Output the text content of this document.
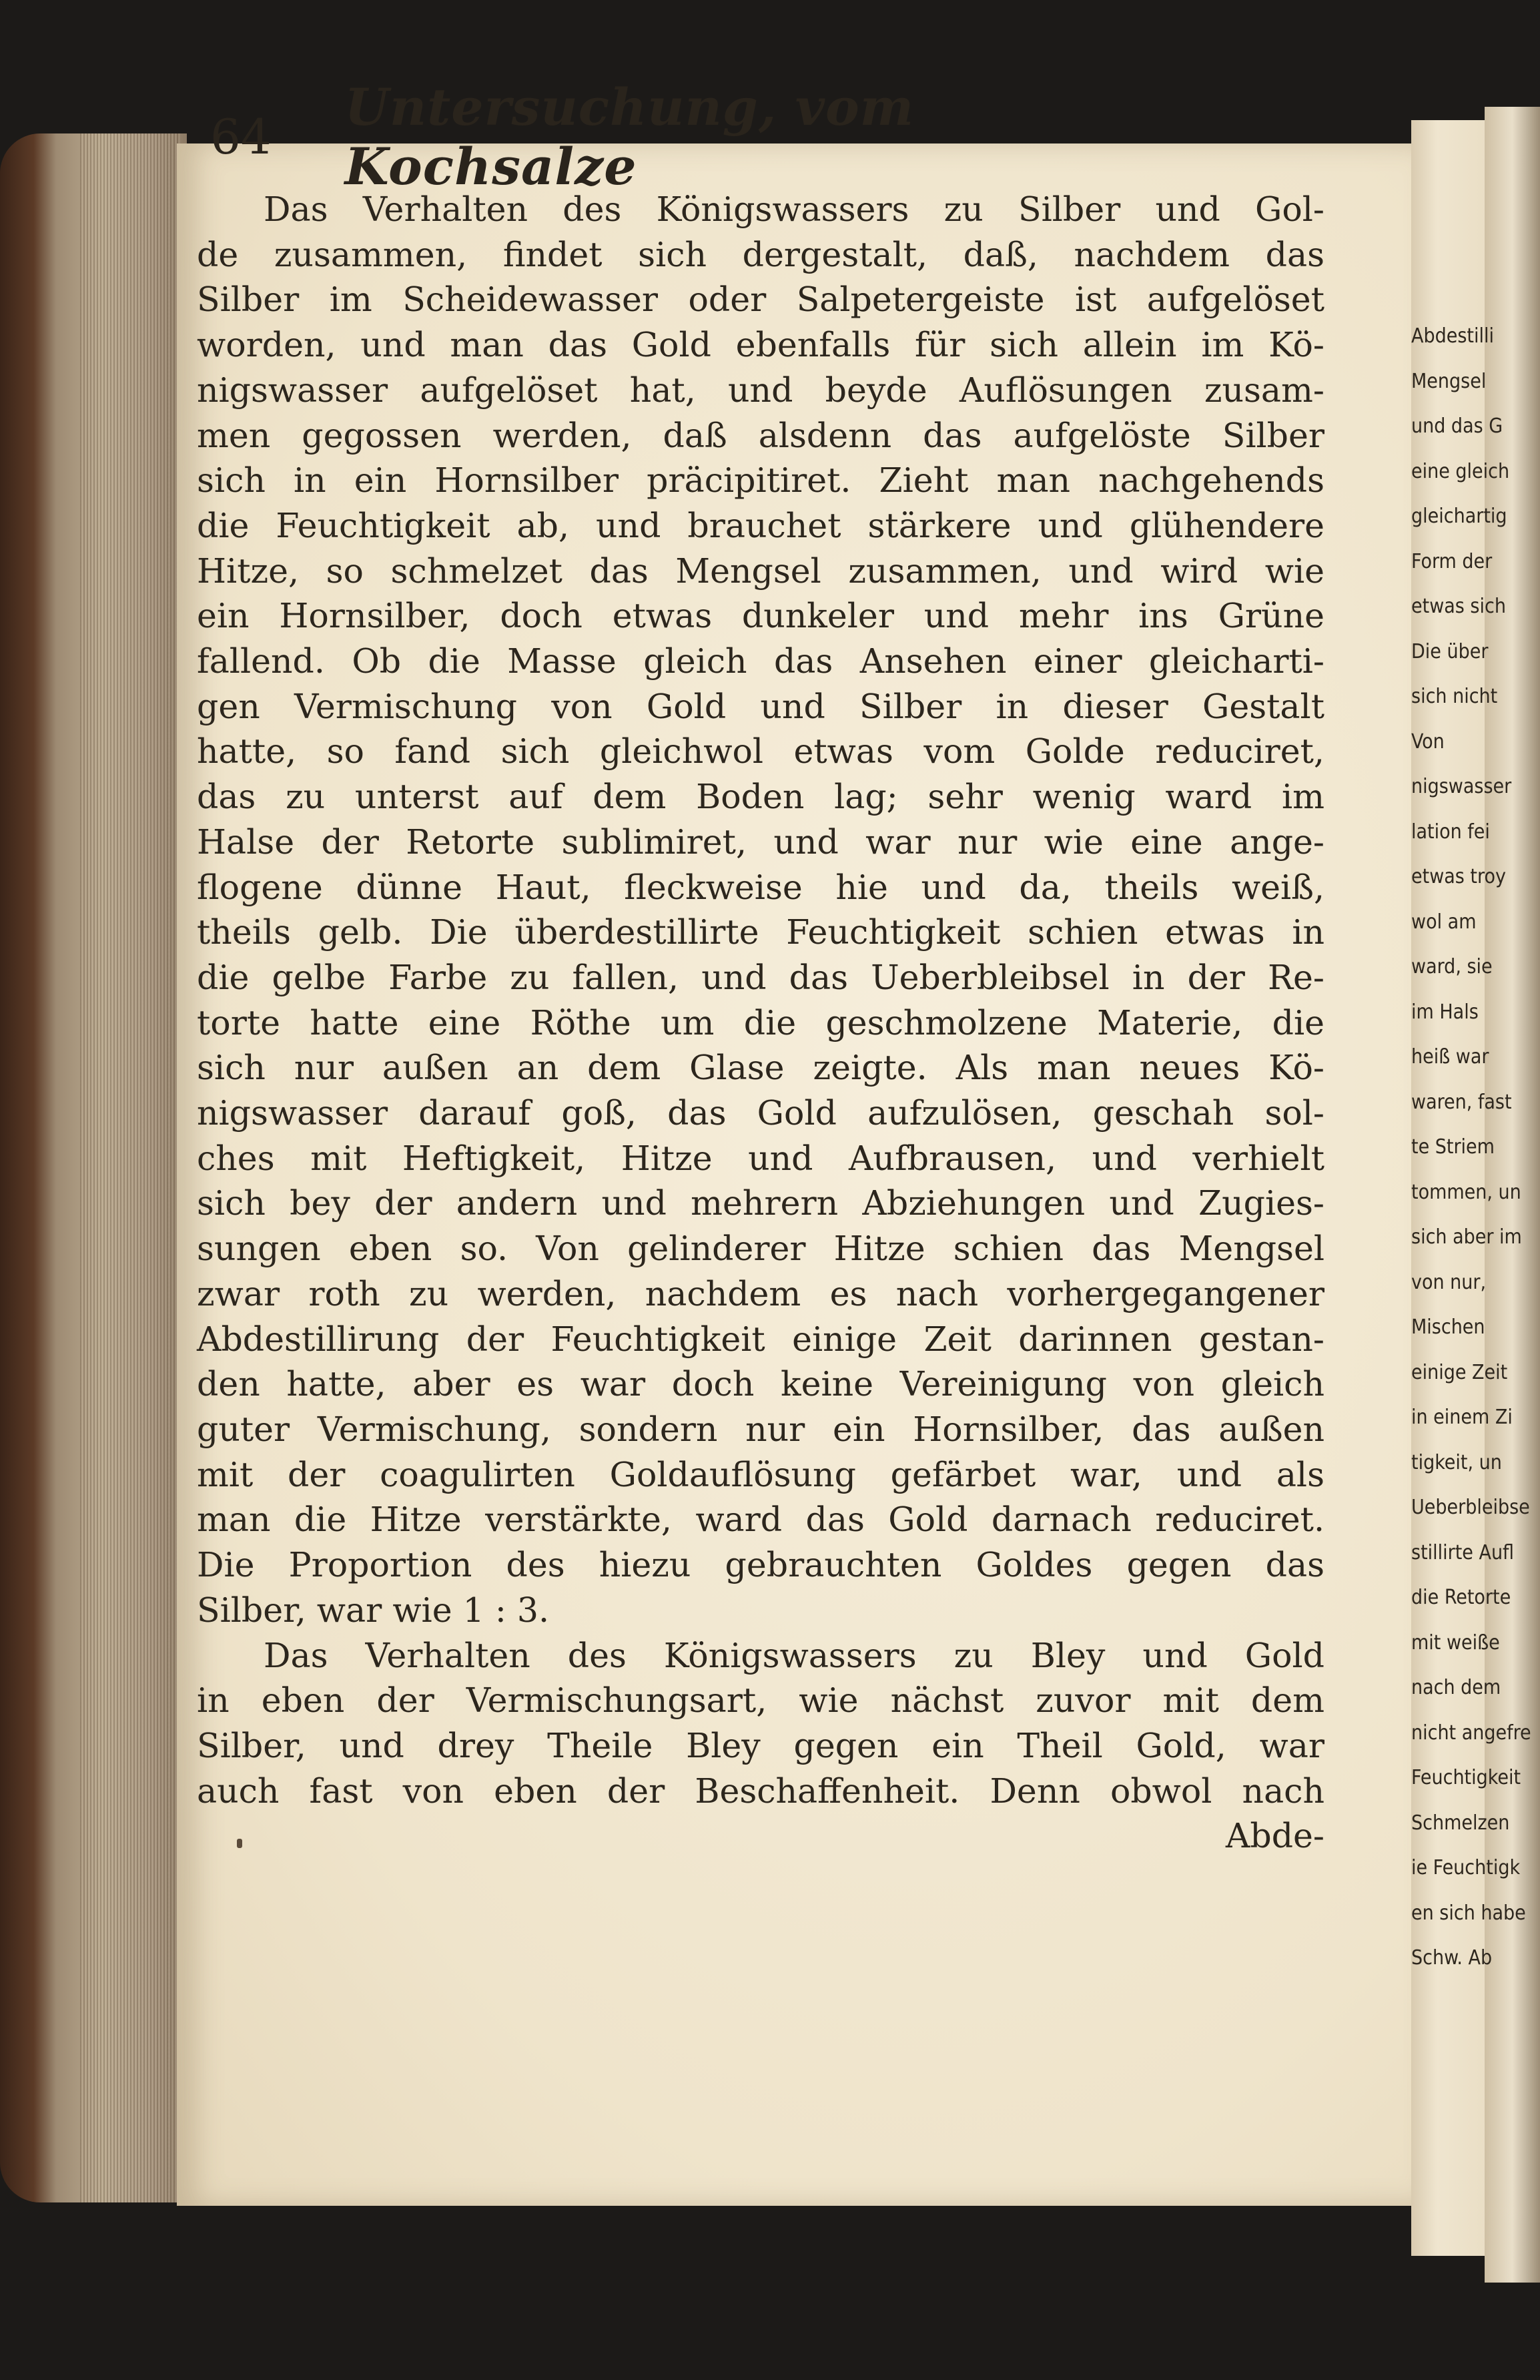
64 Untersuchung, vom Kochsalze
Das Verhalten des Königswassers zu Silber und Gol-
de zusammen, findet sich dergestalt, daß, nachdem das
Silber im Scheidewasser oder Salpetergeiste ist aufgelöset
worden, und man das Gold ebenfalls für sich allein im Kö-
nigswasser aufgelöset hat, und beyde Auflösungen zusam-
men gegossen werden, daß alsdenn das aufgelöste Silber
sich in ein Hornsilber präcipitiret. Zieht man nachgehends
die Feuchtigkeit ab, und brauchet stärkere und glühendere
Hitze, so schmelzet das Mengsel zusammen, und wird wie
ein Hornsilber, doch etwas dunkeler und mehr ins Grüne
fallend. Ob die Masse gleich das Ansehen einer gleicharti-
gen Vermischung von Gold und Silber in dieser Gestalt
hatte, so fand sich gleichwol etwas vom Golde reduciret,
das zu unterst auf dem Boden lag; sehr wenig ward im
Halse der Retorte sublimiret, und war nur wie eine ange-
flogene dünne Haut, fleckweise hie und da, theils weiß,
theils gelb. Die überdestillirte Feuchtigkeit schien etwas in
die gelbe Farbe zu fallen, und das Ueberbleibsel in der Re-
torte hatte eine Röthe um die geschmolzene Materie, die
sich nur außen an dem Glase zeigte. Als man neues Kö-
nigswasser darauf goß, das Gold aufzulösen, geschah sol-
ches mit Heftigkeit, Hitze und Aufbrausen, und verhielt
sich bey der andern und mehrern Abziehungen und Zugies-
sungen eben so. Von gelinderer Hitze schien das Mengsel
zwar roth zu werden, nachdem es nach vorhergegangener
Abdestillirung der Feuchtigkeit einige Zeit darinnen gestan-
den hatte, aber es war doch keine Vereinigung von gleich
guter Vermischung, sondern nur ein Hornsilber, das außen
mit der coagulirten Goldauflösung gefärbet war, und als
man die Hitze verstärkte, ward das Gold darnach reduciret.
Die Proportion des hiezu gebrauchten Goldes gegen das
Silber, war wie 1 : 3.
Das Verhalten des Königswassers zu Bley und Gold
in eben der Vermischungsart, wie nächst zuvor mit dem
Silber, und drey Theile Bley gegen ein Theil Gold, war
auch fast von eben der Beschaffenheit. Denn obwol nach
Abde-
Abdestilli
Mengsel
und das G
eine gleich
gleichartig
Form der
etwas sich
Die über
sich nicht
Von
nigswasser
lation fei
etwas troy
wol am
ward, sie
im Hals
heiß war
waren, fast
te Striem
tommen, un
sich aber im
von nur,
Mischen
einige Zeit
in einem Zi
tigkeit, un
Ueberbleibse
stillirte Aufl
die Retorte
mit weiße
nach dem
nicht angefre
Feuchtigkeit
Schmelzen
ie Feuchtigk
en sich habe
Schw. Ab
